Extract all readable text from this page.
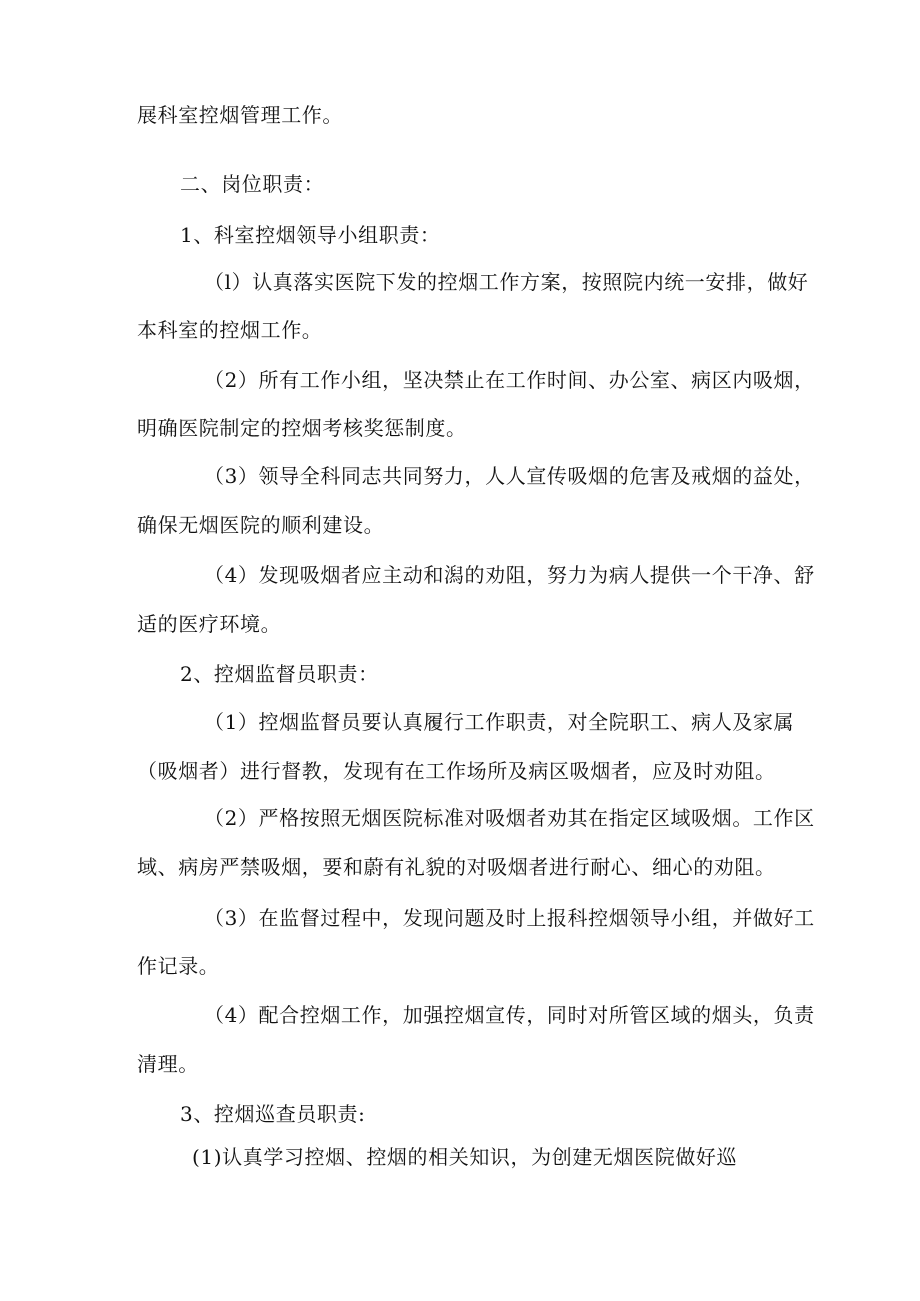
展科室控烟管理工作。
二、岗位职责：
1、科室控烟领导小组职责：
（l）认真落实医院下发的控烟工作方案，按照院内统一安排，做好
本科室的控烟工作。
（2）所有工作小组，坚决禁止在工作时间、办公室、病区内吸烟，
明确医院制定的控烟考核奖惩制度。
（3）领导全科同志共同努力，人人宣传吸烟的危害及戒烟的益处，
确保无烟医院的顺利建设。
（4）发现吸烟者应主动和潟的劝阻，努力为病人提供一个干净、舒
适的医疗环境。
2、控烟监督员职责：
（1）控烟监督员要认真履行工作职责，对全院职工、病人及家属
（吸烟者）进行督教，发现有在工作场所及病区吸烟者，应及时劝阻。
（2）严格按照无烟医院标准对吸烟者劝其在指定区域吸烟。工作区
域、病房严禁吸烟，要和蔚有礼貌的对吸烟者进行耐心、细心的劝阻。
（3）在监督过程中，发现问题及时上报科控烟领导小组，并做好工
作记录。
（4）配合控烟工作，加强控烟宣传，同时对所管区域的烟头，负责
清理。
3、控烟巡查员职责:
(1)认真学习控烟、控烟的相关知识，为创建无烟医院做好巡
